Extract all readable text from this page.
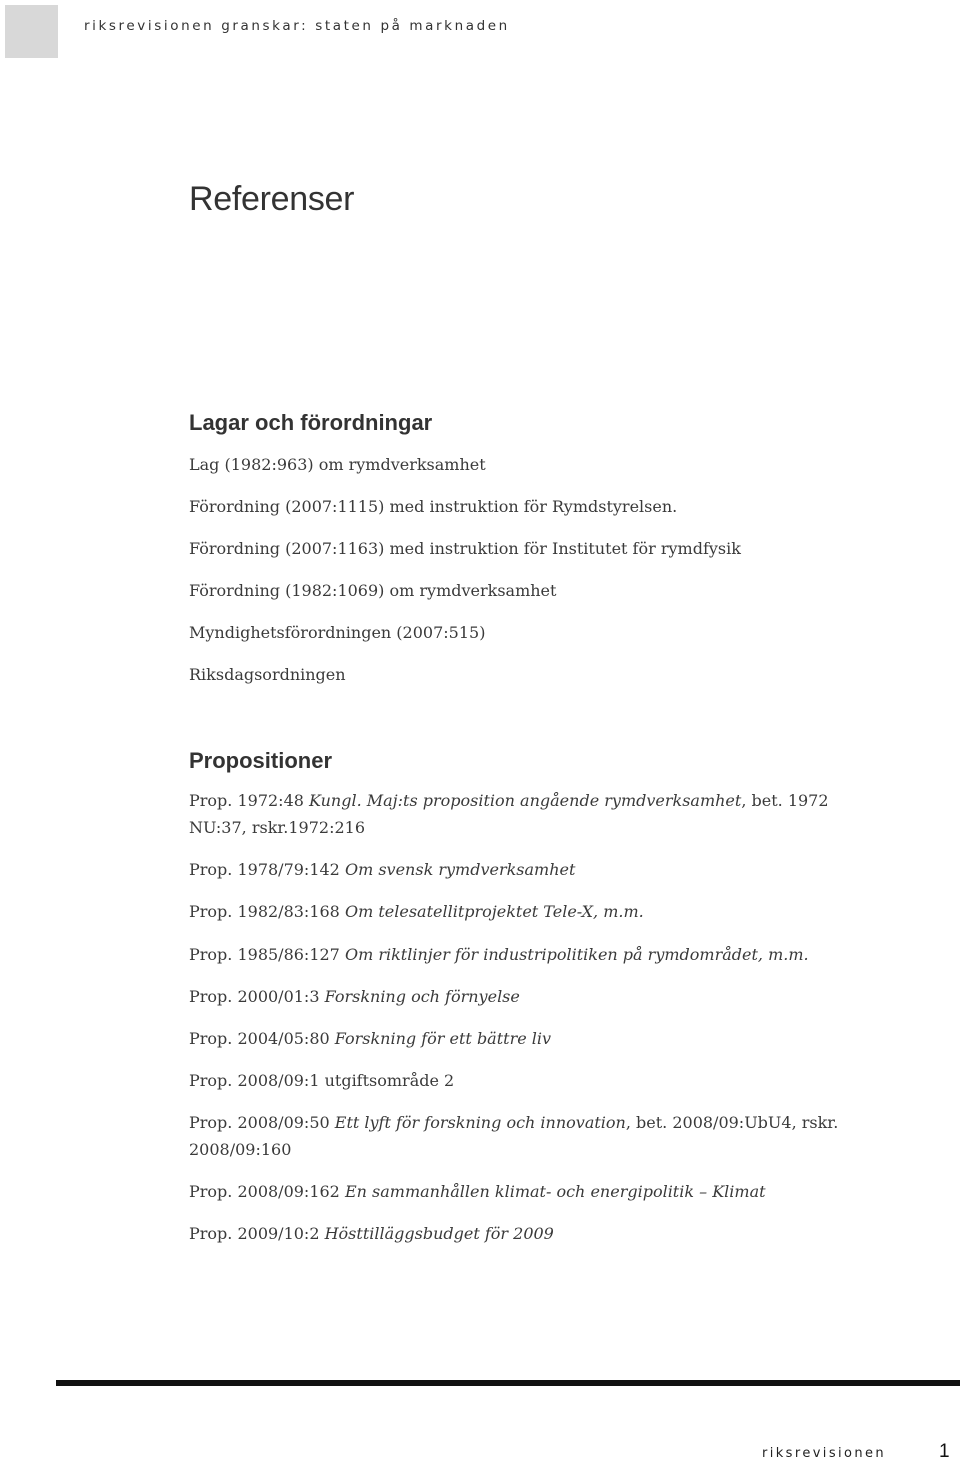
riksrevisionen granskar: staten på marknaden
Referenser
Lagar och förordningar

Lag (1982:963) om rymdverksamhet

Förordning (2007:1115) med instruktion för Rymdstyrelsen.

Förordning (2007:1163) med instruktion för Institutet för rymdfysik

Förordning (1982:1069) om rymdverksamhet

Myndighetsförordningen (2007:515)

Riksdagsordningen

Propositioner

Prop. 1972:48 Kungl. Maj:ts proposition angående rymdverksamhet, bet. 1972 NU:37, rskr.1972:216

Prop. 1978/79:142 Om svensk rymdverksamhet

Prop. 1982/83:168 Om telesatellitprojektet Tele-X, m.m.

Prop. 1985/86:127 Om riktlinjer för industripolitiken på rymdområdet, m.m.

Prop. 2000/01:3 Forskning och förnyelse

Prop. 2004/05:80 Forskning för ett bättre liv

Prop. 2008/09:1 utgiftsområde 2

Prop. 2008/09:50 Ett lyft för forskning och innovation, bet. 2008/09:UbU4, rskr. 2008/09:160

Prop. 2008/09:162 En sammanhållen klimat- och energipolitik – Klimat

Prop. 2009/10:2 Hösttilläggsbudget för 2009

riksrevisionen	1
